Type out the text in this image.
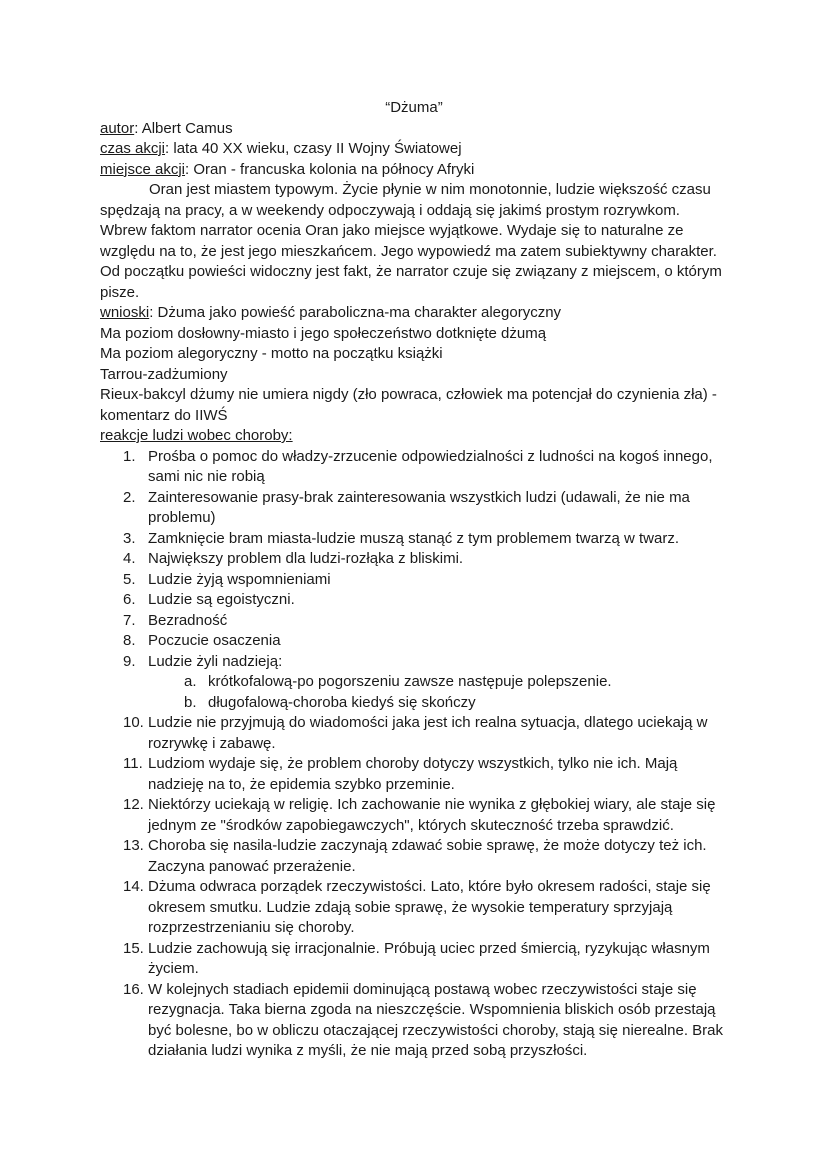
“Dżuma”
autor: Albert Camus
czas akcji: lata 40 XX wieku, czasy II Wojny Światowej
miejsce akcji: Oran - francuska kolonia na północy Afryki
Oran jest miastem typowym. Życie płynie w nim monotonnie, ludzie większość czasu spędzają na pracy, a w weekendy odpoczywają i oddają się jakimś prostym rozrywkom. Wbrew faktom narrator ocenia Oran jako miejsce wyjątkowe. Wydaje się to naturalne ze względu na to, że jest jego mieszkańcem. Jego wypowiedź ma zatem subiektywny charakter. Od początku powieści widoczny jest fakt, że narrator czuje się związany z miejscem, o którym pisze.
wnioski: Dżuma jako powieść paraboliczna-ma charakter alegoryczny
Ma poziom dosłowny-miasto i jego społeczeństwo dotknięte dżumą
Ma poziom alegoryczny - motto na początku książki
Tarrou-zadżumiony
Rieux-bakcyl dżumy nie umiera nigdy (zło powraca, człowiek ma potencjał do czynienia zła) - komentarz do IIWŚ
reakcje ludzi wobec choroby:
1. Prośba o pomoc do władzy-zrzucenie odpowiedzialności z ludności na kogoś innego, sami nic nie robią
2. Zainteresowanie prasy-brak zainteresowania wszystkich ludzi (udawali, że nie ma problemu)
3. Zamknięcie bram miasta-ludzie muszą stanąć z tym problemem twarzą w twarz.
4. Największy problem dla ludzi-rozłąka z bliskimi.
5. Ludzie żyją wspomnieniami
6. Ludzie są egoistyczni.
7. Bezradność
8. Poczucie osaczenia
9. Ludzie żyli nadzieją:
a. krótkofalową-po pogorszeniu zawsze następuje polepszenie.
b. długofalową-choroba kiedyś się skończy
10. Ludzie nie przyjmują do wiadomości jaka jest ich realna sytuacja, dlatego uciekają w rozrywkę i zabawę.
11. Ludziom wydaje się, że problem choroby dotyczy wszystkich, tylko nie ich. Mają nadzieję na to, że epidemia szybko przeminie.
12. Niektórzy uciekają w religię. Ich zachowanie nie wynika z głębokiej wiary, ale staje się jednym ze "środków zapobiegawczych", których skuteczność trzeba sprawdzić.
13. Choroba się nasila-ludzie zaczynają zdawać sobie sprawę, że może dotyczy też ich. Zaczyna panować przerażenie.
14. Dżuma odwraca porządek rzeczywistości. Lato, które było okresem radości, staje się okresem smutku. Ludzie zdają sobie sprawę, że wysokie temperatury sprzyjają rozprzestrzenianiu się choroby.
15. Ludzie zachowują się irracjonalnie. Próbują uciec przed śmiercią, ryzykując własnym życiem.
16. W kolejnych stadiach epidemii dominującą postawą wobec rzeczywistości staje się rezygnacja. Taka bierna zgoda na nieszczęście. Wspomnienia bliskich osób przestają być bolesne, bo w obliczu otaczającej rzeczywistości choroby, stają się nierealne. Brak działania ludzi wynika z myśli, że nie mają przed sobą przyszłości.
